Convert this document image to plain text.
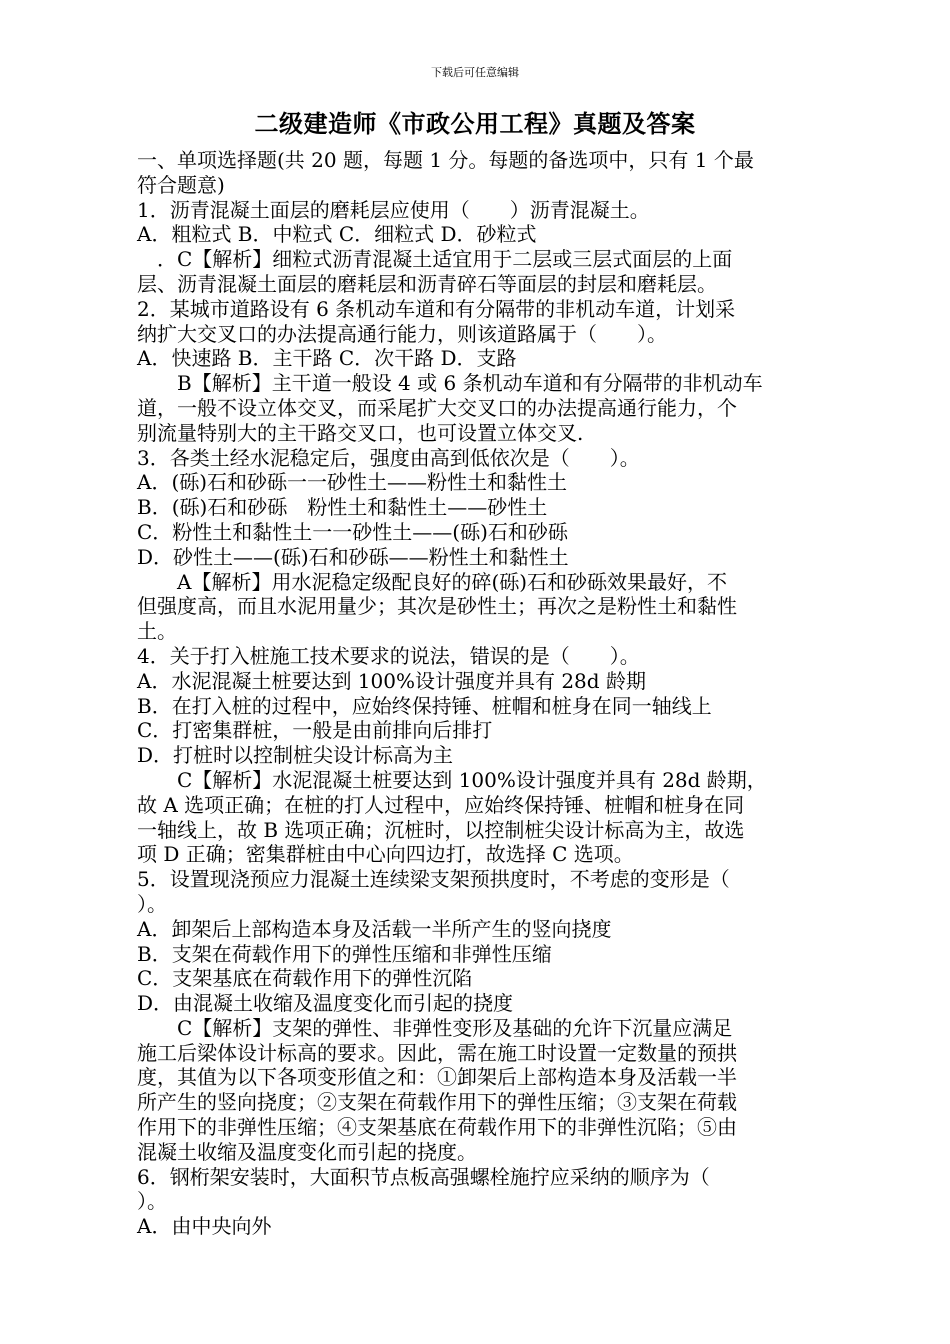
下载后可任意编辑
二级建造师《市政公用工程》真题及答案
一、单项选择题(共 20 题，每题 1 分。每题的备选项中，只有 1 个最
符合题意)
1．沥青混凝土面层的磨耗层应使用（　　）沥青混凝土。
A．粗粒式 B．中粒式 C．细粒式 D．砂粒式
　．C【解析】细粒式沥青混凝土适宜用于二层或三层式面层的上面
层、沥青混凝土面层的磨耗层和沥青碎石等面层的封层和磨耗层。
2．某城市道路设有 6 条机动车道和有分隔带的非机动车道，计划采
纳扩大交叉口的办法提高通行能力，则该道路属于（　　）。
A．快速路 B．主干路 C．次干路 D．支路
　　B【解析】主干道一般设 4 或 6 条机动车道和有分隔带的非机动车
道，一般不设立体交叉，而采尾扩大交叉口的办法提高通行能力，个
别流量特别大的主干路交叉口，也可设置立体交叉.
3．各类土经水泥稳定后，强度由高到低依次是（　　）。
A．(砾)石和砂砾一一砂性土——粉性土和黏性土
B．(砾)石和砂砾　粉性土和黏性土——砂性土
C．粉性土和黏性土一一砂性土——(砾)石和砂砾
D．砂性土——(砾)石和砂砾——粉性土和黏性土
　　A【解析】用水泥稳定级配良好的碎(砾)石和砂砾效果最好，不
但强度高，而且水泥用量少；其次是砂性土；再次之是粉性土和黏性
土。
4．关于打入桩施工技术要求的说法，错误的是（　　）。
A．水泥混凝土桩要达到 100%设计强度并具有 28d 龄期
B．在打入桩的过程中，应始终保持锤、桩帽和桩身在同一轴线上
C．打密集群桩，一般是由前排向后排打
D．打桩时以控制桩尖设计标高为主
　　C【解析】水泥混凝土桩要达到 100%设计强度并具有 28d 龄期，
故 A 选项正确；在桩的打人过程中，应始终保持锤、桩帽和桩身在同
一轴线上，故 B 选项正确；沉桩时，以控制桩尖设计标高为主，故选
项 D 正确；密集群桩由中心向四边打，故选择 C 选项。
5．设置现浇预应力混凝土连续梁支架预拱度时，不考虑的变形是（
）。
A．卸架后上部构造本身及活载一半所产生的竖向挠度
B．支架在荷载作用下的弹性压缩和非弹性压缩
C．支架基底在荷载作用下的弹性沉陷
D．由混凝土收缩及温度变化而引起的挠度
　　C【解析】支架的弹性、非弹性变形及基础的允许下沉量应满足
施工后梁体设计标高的要求。因此，需在施工时设置一定数量的预拱
度，其值为以下各项变形值之和：①卸架后上部构造本身及活载一半
所产生的竖向挠度；②支架在荷载作用下的弹性压缩；③支架在荷载
作用下的非弹性压缩；④支架基底在荷载作用下的非弹性沉陷；⑤由
混凝土收缩及温度变化而引起的挠度。
6．钢桁架安装时，大面积节点板高强螺栓施拧应采纳的顺序为（
）。
A．由中央向外
